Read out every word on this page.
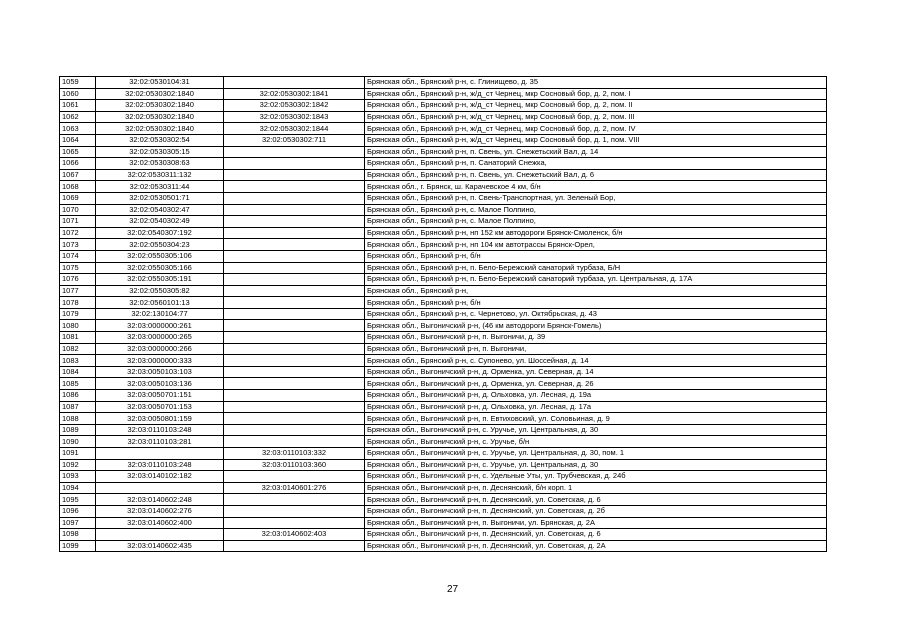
1059	32:02:0530104:31		Брянская обл., Брянский р-н, с. Глинищево, д. 35
1060	32:02:0530302:1840	32:02:0530302:1841	Брянская обл., Брянский р-н, ж/д_ст Чернец, мкр Сосновый бор, д. 2, пом. I
1061	32:02:0530302:1840	32:02:0530302:1842	Брянская обл., Брянский р-н, ж/д_ст Чернец, мкр Сосновый бор, д. 2, пом. II
1062	32:02:0530302:1840	32:02:0530302:1843	Брянская обл., Брянский р-н, ж/д_ст Чернец, мкр Сосновый бор, д. 2, пом. III
1063	32:02:0530302:1840	32:02:0530302:1844	Брянская обл., Брянский р-н, ж/д_ст Чернец, мкр Сосновый бор, д. 2, пом. IV
1064	32:02:0530302:54	32:02:0530302:711	Брянская обл., Брянский р-н, ж/д_ст Чернец, мкр Сосновый бор, д. 1, пом. VIII
1065	32:02:0530305:15		Брянская обл., Брянский р-н, п. Свень, ул. Снежетьский Вал, д. 14
1066	32:02:0530308:63		Брянская обл., Брянский р-н, п. Санаторий Снежка,
1067	32:02:0530311:132		Брянская обл., Брянский р-н, п. Свень, ул. Снежетьский Вал, д. 6
1068	32:02:0530311:44		Брянская обл., г. Брянск, ш. Карачевское 4 км, б/н
1069	32:02:0530501:71		Брянская обл., Брянский р-н, п. Свень-Транспортная, ул. Зеленый Бор,
1070	32:02:0540302:47		Брянская обл., Брянский р-н, с. Малое Полпино,
1071	32:02:0540302:49		Брянская обл., Брянский р-н, с. Малое Полпино,
1072	32:02:0540307:192		Брянская обл., Брянский р-н, нп 152 км автодороги Брянск-Смоленск, б/н
1073	32:02:0550304:23		Брянская обл., Брянский р-н, нп 104 км автотрассы Брянск-Орел,
1074	32:02:0550305:106		Брянская обл., Брянский р-н, б/н
1075	32:02:0550305:166		Брянская обл., Брянский р-н, п. Бело-Бережский санаторий турбаза, Б/Н
1076	32:02:0550305:191		Брянская обл., Брянский р-н, п. Бело-Бережский санаторий турбаза, ул. Центральная, д. 17А
1077	32:02:0550305:82		Брянская обл., Брянский р-н,
1078	32:02:0560101:13		Брянская обл., Брянский р-н, б/н
1079	32:02:130104:77		Брянская обл., Брянский р-н, с. Чернетово, ул. Октябрьская, д. 43
1080	32:03:0000000:261		Брянская обл., Выгоничский р-н, (46 км автодороги Брянск-Гомель)
1081	32:03:0000000:265		Брянская обл., Выгоничский р-н, п. Выгоничи, д. 39
1082	32:03:0000000:266		Брянская обл., Выгоничский р-н, п. Выгоничи,
1083	32:03:0000000:333		Брянская обл., Брянский р-н, с. Супонево, ул. Шоссейная, д. 14
1084	32:03:0050103:103		Брянская обл., Выгоничский р-н, д. Орменка, ул. Северная, д. 14
1085	32:03:0050103:136		Брянская обл., Выгоничский р-н, д. Орменка, ул. Северная, д. 26
1086	32:03:0050701:151		Брянская обл., Выгоничский р-н, д. Ольховка, ул. Лесная, д. 19а
1087	32:03:0050701:153		Брянская обл., Выгоничский р-н, д. Ольховка, ул. Лесная, д. 17а
1088	32:03:0050801:159		Брянская обл., Выгоничский р-н, п. Евтиховский, ул. Соловьиная, д. 9
1089	32:03:0110103:248		Брянская обл., Выгоничский р-н, с. Уручье, ул. Центральная, д. 30
1090	32:03:0110103:281		Брянская обл., Выгоничский р-н, с. Уручье, б/н
1091		32:03:0110103:332	Брянская обл., Выгоничский р-н, с. Уручье, ул. Центральная, д. 30, пом. 1
1092	32:03:0110103:248	32:03:0110103:360	Брянская обл., Выгоничский р-н, с. Уручье, ул. Центральная, д. 30
1093	32:03:0140102:182		Брянская обл., Выгоничский р-н, с. Удельные Уты, ул. Трубчевская, д. 24б
1094		32:03:0140601:276	Брянская обл., Выгоничский р-н, п. Деснянский, б/н корп. 1
1095	32:03:0140602:248		Брянская обл., Выгоничский р-н, п. Деснянский, ул. Советская, д. 6
1096	32:03:0140602:276		Брянская обл., Выгоничский р-н, п. Деснянский, ул. Советская, д. 2б
1097	32:03:0140602:400		Брянская обл., Выгоничский р-н, п. Выгоничи, ул. Брянская, д. 2А
1098		32:03:0140602:403	Брянская обл., Выгоничский р-н, п. Деснянский, ул. Советская, д. 6
1099	32:03:0140602:435		Брянская обл., Выгоничский р-н, п. Деснянский, ул. Советская, д. 2А
27
